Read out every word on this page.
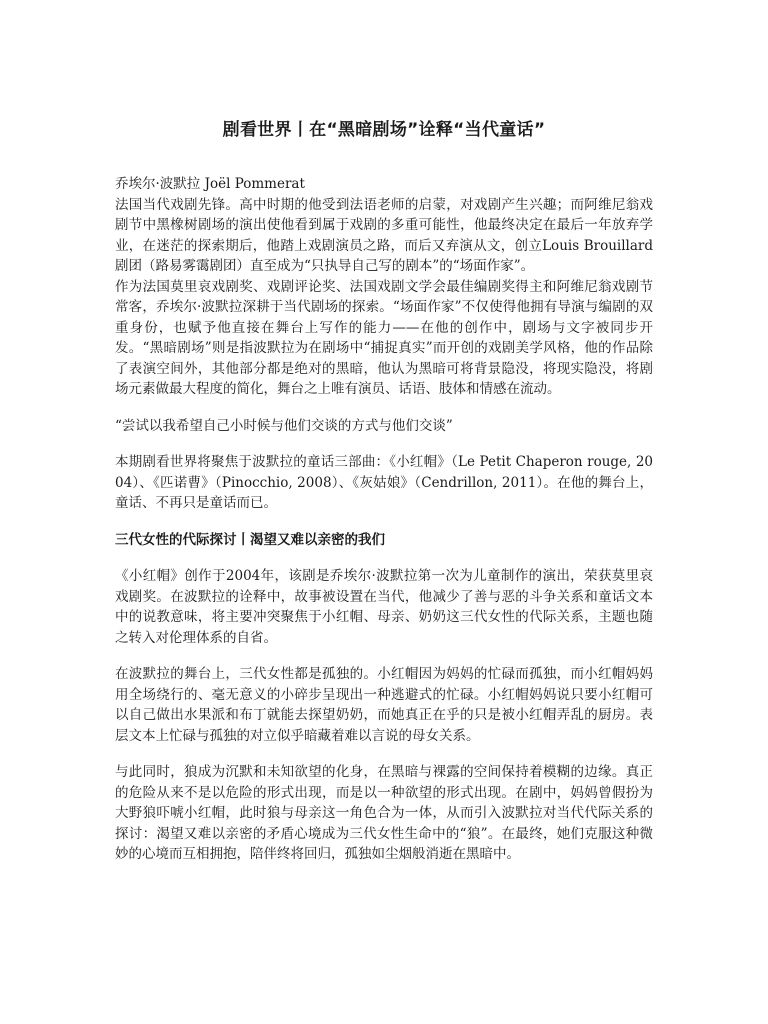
剧看世界丨在“黑暗剧场”诠释“当代童话”

乔埃尔·波默拉 Joël Pommerat

法国当代戏剧先锋。高中时期的他受到法语老师的启蒙，对戏剧产生兴趣；而阿维尼翁戏剧节中黑橡树剧场的演出使他看到属于戏剧的多重可能性，他最终决定在最后一年放弃学业，在迷茫的探索期后，他踏上戏剧演员之路，而后又弃演从文，创立Louis Brouillard剧团（路易雾霭剧团）直至成为“只执导自己写的剧本”的“场面作家”。

作为法国莫里哀戏剧奖、戏剧评论奖、法国戏剧文学会最佳编剧奖得主和阿维尼翁戏剧节常客，乔埃尔·波默拉深耕于当代剧场的探索。“场面作家”不仅使得他拥有导演与编剧的双重身份，也赋予他直接在舞台上写作的能力——在他的创作中，剧场与文字被同步开发。“黑暗剧场”则是指波默拉为在剧场中“捕捉真实”而开创的戏剧美学风格，他的作品除了表演空间外，其他部分都是绝对的黑暗，他认为黑暗可将背景隐没，将现实隐没，将剧场元素做最大程度的简化，舞台之上唯有演员、话语、肢体和情感在流动。

“尝试以我希望自己小时候与他们交谈的方式与他们交谈”

本期剧看世界将聚焦于波默拉的童话三部曲：《小红帽》（Le Petit Chaperon rouge, 2004）、《匹诺曹》（Pinocchio, 2008）、《灰姑娘》（Cendrillon, 2011）。在他的舞台上，童话、不再只是童话而已。

三代女性的代际探讨丨渴望又难以亲密的我们

《小红帽》创作于2004年，该剧是乔埃尔·波默拉第一次为儿童制作的演出，荣获莫里哀戏剧奖。在波默拉的诠释中，故事被设置在当代，他减少了善与恶的斗争关系和童话文本中的说教意味，将主要冲突聚焦于小红帽、母亲、奶奶这三代女性的代际关系，主题也随之转入对伦理体系的自省。

在波默拉的舞台上，三代女性都是孤独的。小红帽因为妈妈的忙碌而孤独，而小红帽妈妈用全场绕行的、毫无意义的小碎步呈现出一种逃避式的忙碌。小红帽妈妈说只要小红帽可以自己做出水果派和布丁就能去探望奶奶，而她真正在乎的只是被小红帽弄乱的厨房。表层文本上忙碌与孤独的对立似乎暗藏着难以言说的母女关系。

与此同时，狼成为沉默和未知欲望的化身，在黑暗与裸露的空间保持着模糊的边缘。真正的危险从来不是以危险的形式出现，而是以一种欲望的形式出现。在剧中，妈妈曾假扮为大野狼吓唬小红帽，此时狼与母亲这一角色合为一体，从而引入波默拉对当代代际关系的探讨：渴望又难以亲密的矛盾心境成为三代女性生命中的“狼”。在最终，她们克服这种微妙的心境而互相拥抱，陪伴终将回归，孤独如尘烟般消逝在黑暗中。
